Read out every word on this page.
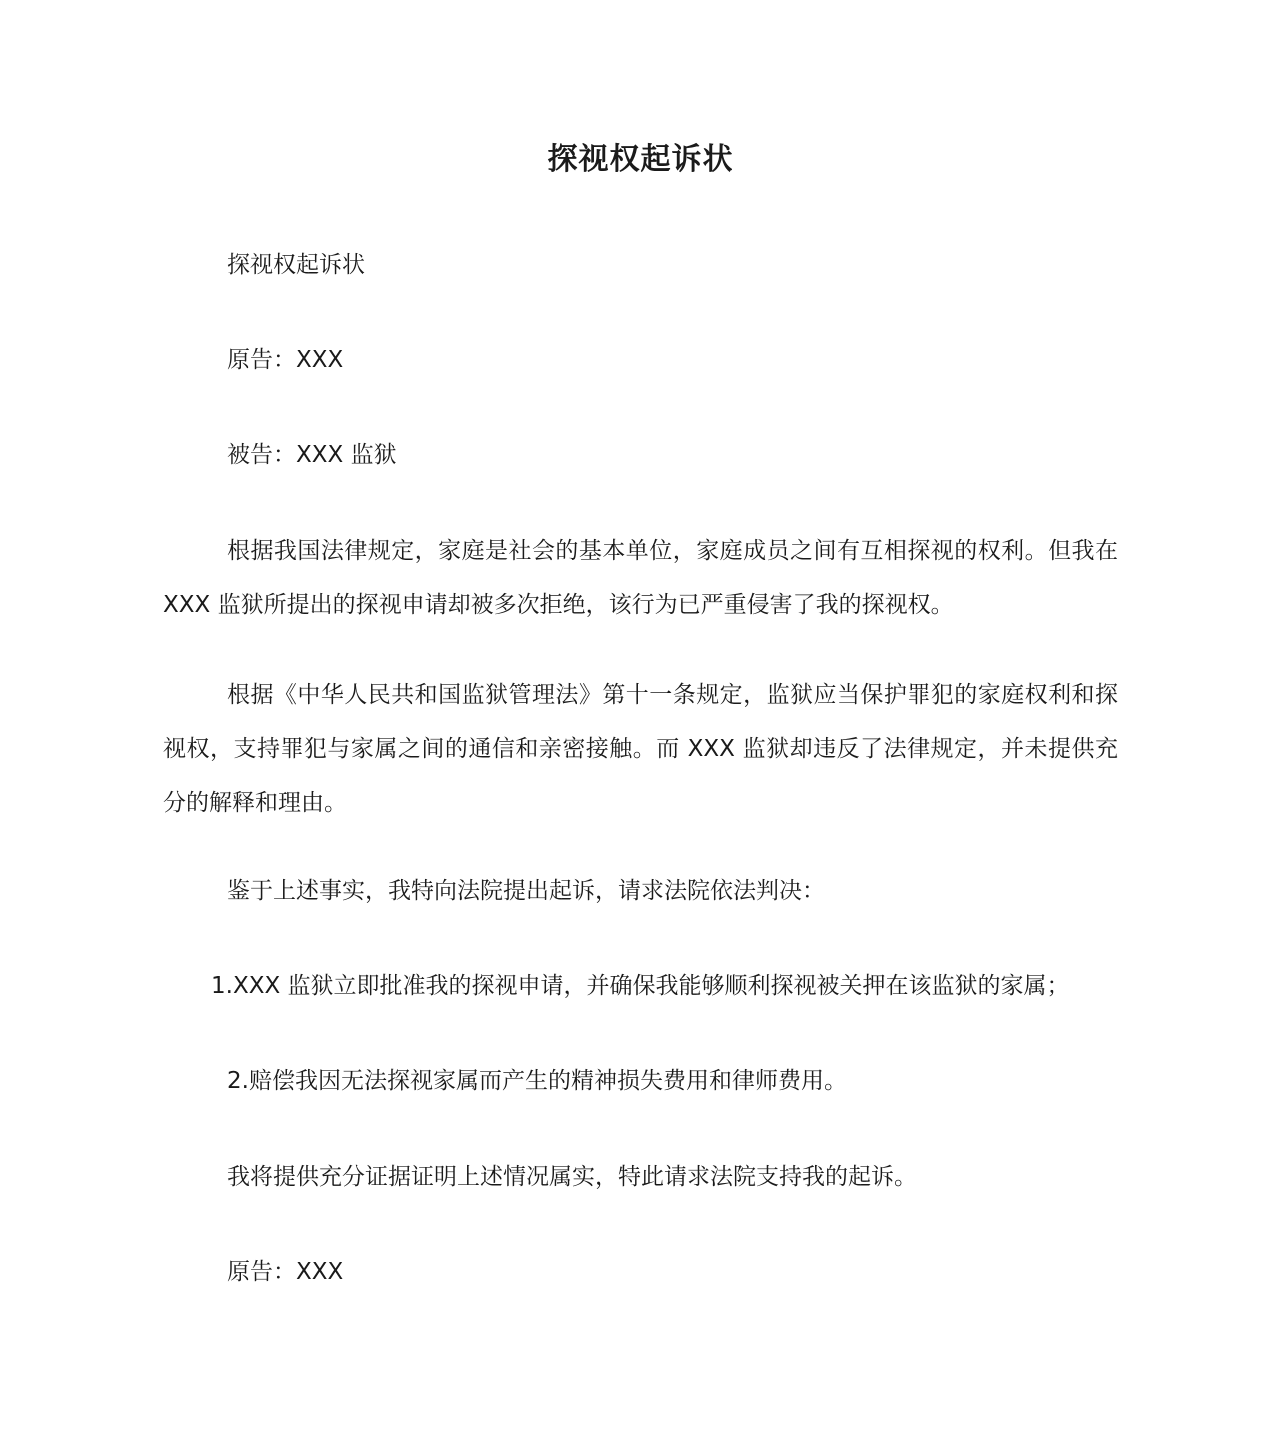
探视权起诉状
探视权起诉状
原告：XXX
被告：XXX 监狱
根据我国法律规定，家庭是社会的基本单位，家庭成员之间有互相探视的权利。但我在 XXX 监狱所提出的探视申请却被多次拒绝，该行为已严重侵害了我的探视权。
根据《中华人民共和国监狱管理法》第十一条规定，监狱应当保护罪犯的家庭权利和探视权，支持罪犯与家属之间的通信和亲密接触。而 XXX 监狱却违反了法律规定，并未提供充分的解释和理由。
鉴于上述事实，我特向法院提出起诉，请求法院依法判决：
1.XXX 监狱立即批准我的探视申请，并确保我能够顺利探视被关押在该监狱的家属；
2.赔偿我因无法探视家属而产生的精神损失费用和律师费用。
我将提供充分证据证明上述情况属实，特此请求法院支持我的起诉。
原告：XXX
